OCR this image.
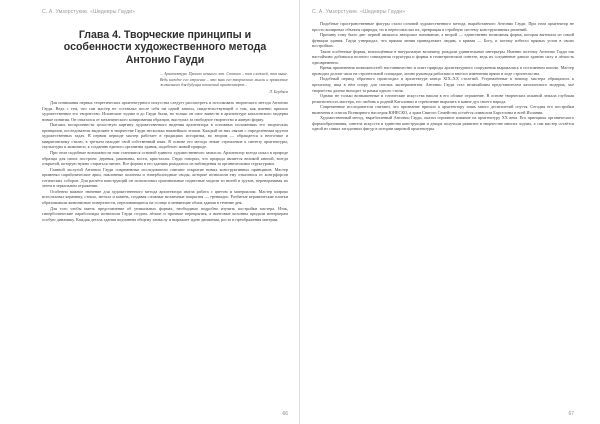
С. А. Умзорстукие. «Шедевры Гауди»
Глава 4. Творческие принципы и особенности художественного метода Антонио Гауди
... Архитектура. Прошло немного лет. Столько – тем сложней, тем выше. Ведь каждое его строение – это знак его творческого мысли и проявление жизненного для будущих поколений архитекторов...
Л. Бердяев

Для понимания первых теоретических архитектурного искусства следует рассмотреть и истолковать творческого метода Антонио Гауди. Ведь с тем, что сам мастер не составлял после себя ни одной записи, свидетельствующей о том, как именно пришло художественное его творчество. Испанские зодчие и до Гауди были, но только он смог вывести в архитектуре каталонского модерна новые понятия. Он отказался от механического копирования образцов, выступал за свободное творчество и живую форму.

Пытаясь воспроизвести целостную картину художественного видения архитектора в основных положениях его творческих принципов, исследователи выделяют в творчестве Гауди несколько важнейших этапов. Каждый из них связан с определённым кругом художественных задач. В первом периоде мастер работает в традициях историзма, во втором — обращается к неоготике и мавританскому стилю, в третьем находит свой собственный язык. В основе его метода лежит стремление к синтезу архитектуры, скульптуры и живописи, к созданию единого организма здания, подобного живой природе.

При этом подобные возможности нам становятся основой единого художественного замысла. Архитектор всегда искал в природе образцы для своих построек: деревья, раковины, кости, кристаллы. Гауди говорил, что природа является великой книгой, всегда открытой, которую нужно стараться читать. Все формы в его зданиях рождались из наблюдения за органическими структурами.

Главной заслугой Антонио Гауди современные исследователи считают открытие новых конструктивных принципов. Мастер применял параболические арки, наклонные колонны и гиперболоидные своды, которые позволили ему отказаться от контрфорсов готических соборов. Для расчёта конструкций он использовал оригинальные подвесные модели из нитей и грузов, переворачивая их затем в зеркальном отражении.

Особенно важное значение для художественного метода архитектора имела работа с цветом и материалом. Мастер широко использовал керамику, стекло, металл и камень, создавая сложные мозаичные покрытия — тренкадис. Разбитые керамические плитки образовывали живописные поверхности, переливающиеся на солнце и меняющие облик здания в течение дня.

Для того чтобы иметь представление об уникальных формах, необходимо подробно изучить постройки мастера. Итак, гиперболические параболоиды позволили Гауди создать лёгкие и прочные перекрытия, а винтовые колонны придали интерьерам особую динамику. Каждая деталь здания подчинена общему замыслу и выражает идею движения, роста и преображения материи.

66
С. А. Умзорстукие. «Шедевры Гауди»

Подобные пространственные фигуры стали основой художественного метода, выработанного Антонио Гауди. При этом архитектор не просто копировал объекты природы, но и переосмыслял их, превращая в стройную систему конструктивных решений.

Причину тому было две: первой являлось авторское понимание, а второй — единственно возможная форма, которая вытекала из самой функции здания. Гауди утверждал, что прямая линия принадлежит людям, а кривая — Богу, и потому избегал прямых углов в своих постройках.

Такие особенные формы, воплощённые в натуральную величину, рождали удивительные интерьеры. Именно поэтому Антонио Гауди так настойчиво добивался полного совпадения структуры и формы в геометрическом синтезе, ведь их соединение давало зданию силу и лёгкость одновременно.

Время применения возможностей: наставничество и опыт природы архитектурного сооружения выражались в постоянном поиске. Мастер проводил долгие часы на строительной площадке, лично руководя работами и вносил изменения прямо в ходе строительства.

Подобный период образного происходил в архитектуре конца XIX–XX столетий. Устремлённые к новому, мастера обращались к прошлому, ища в нём опору для смелых экспериментов. Антонио Гауди стал величайшим представителем каталонского модерна, чьё творчество далеко выходит за рамки одного стиля.

Однако не только возвышенные и готические искусства нашли в его облике отражение. В основе творческих исканий лежала глубокая религиозность мастера, его любовь к родной Каталонии и стремление выразить в камне дух своего народа.

Современные исследователи считают, что признание пришло к архитектору лишь много десятилетий спустя. Сегодня его постройки включены в список Всемирного наследия ЮНЕСКО, а храм Святого Семейства остаётся символом Барселоны и всей Испании.

Художественный метод, выработанный Антонио Гауди, оказал огромное влияние на архитектуру XX века. Его принципы органического формообразования, синтеза искусств и единства конструкции и декора получили развитие в творчестве многих зодчих, а сам мастер остаётся одной из самых загадочных фигур в истории мировой архитектуры.

67
